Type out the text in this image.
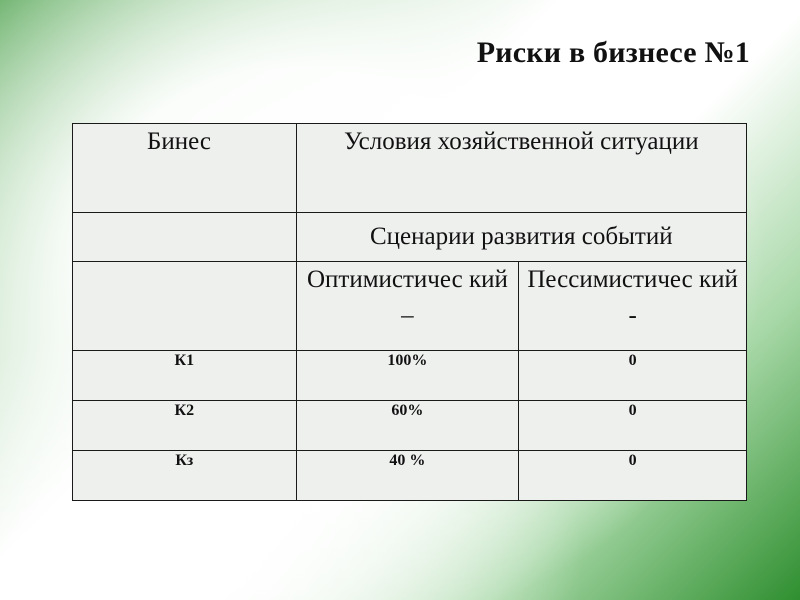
Риски в бизнесе №1
Бинес	Условия хозяйственной ситуации	
	Сценарии развития событий	
	Оптимистичес кий –	Пессимистичес кий -
К1	100%	0
К2	60%	0
Кз	40 %	0
